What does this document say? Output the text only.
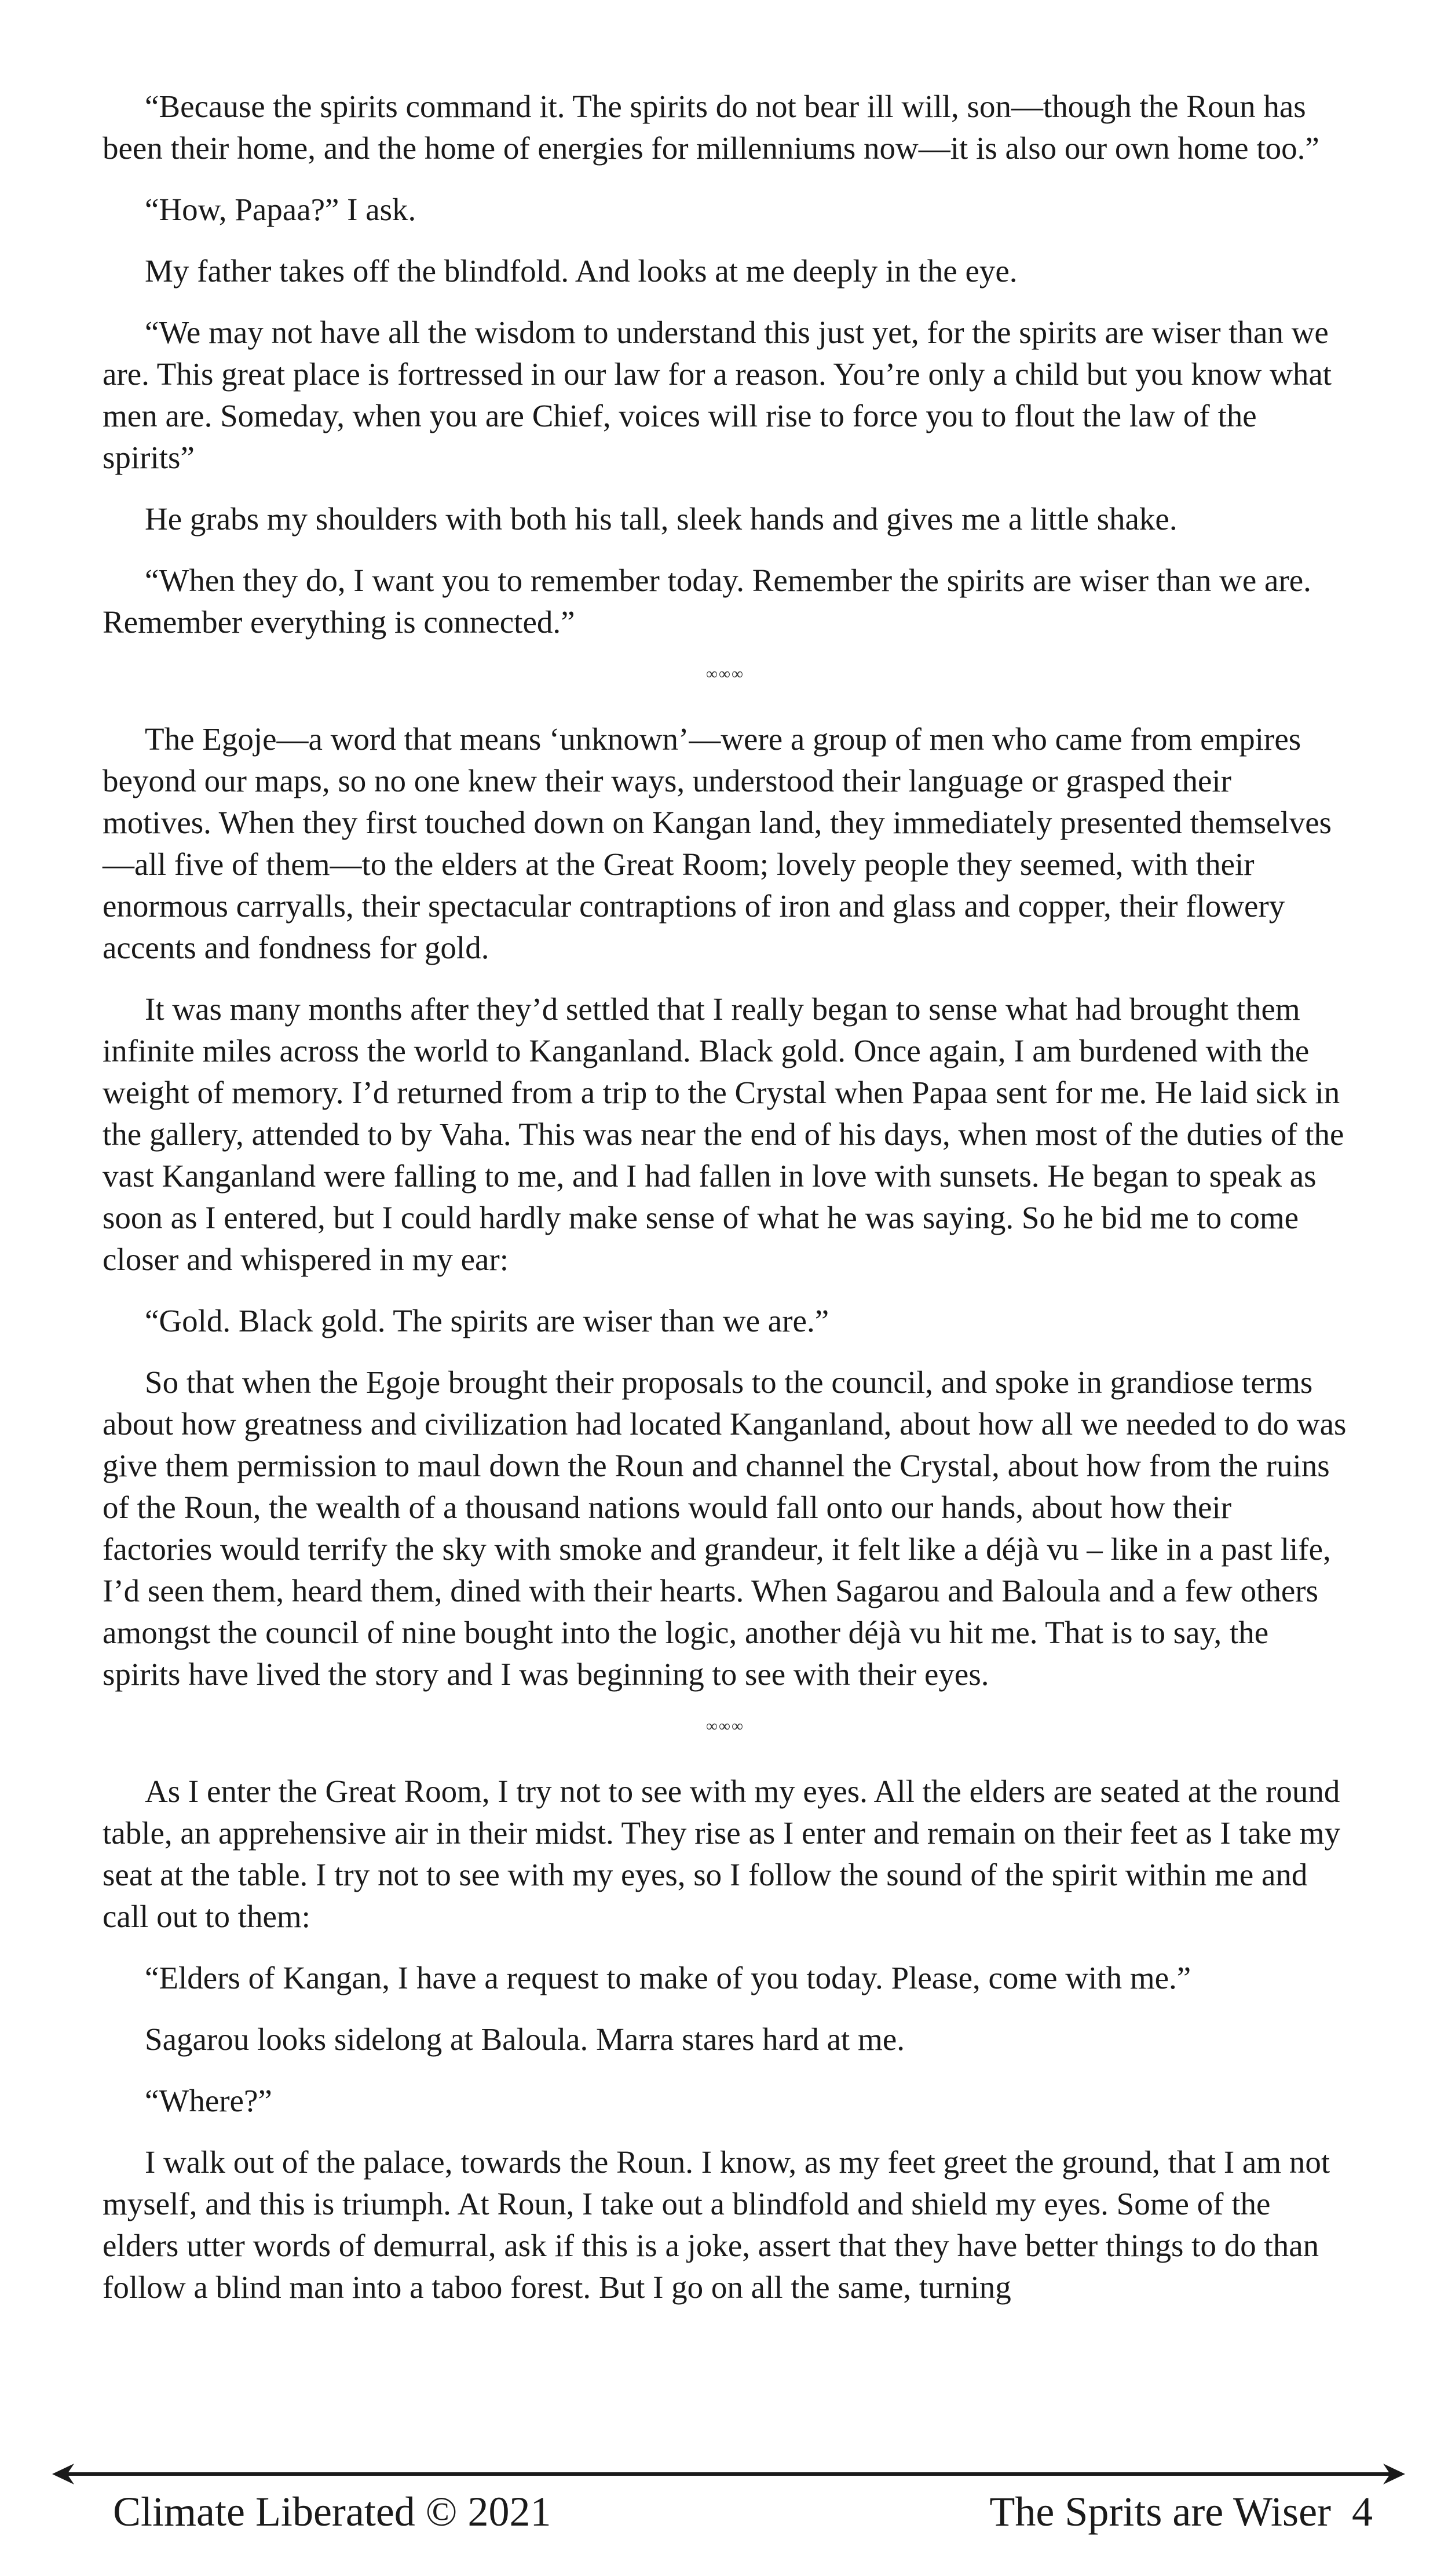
“Because the spirits command it. The spirits do not bear ill will, son—though the Roun has been their home, and the home of energies for millenniums now—it is also our own home too.”

“How, Papaa?” I ask.

My father takes off the blindfold. And looks at me deeply in the eye.

“We may not have all the wisdom to understand this just yet, for the spirits are wiser than we are. This great place is fortressed in our law for a reason. You’re only a child but you know what men are. Someday, when you are Chief, voices will rise to force you to flout the law of the spirits”

He grabs my shoulders with both his tall, sleek hands and gives me a little shake.

“When they do, I want you to remember today. Remember the spirits are wiser than we are. Remember everything is connected.”

∞∞∞

The Egoje—a word that means ‘unknown’—were a group of men who came from empires beyond our maps, so no one knew their ways, understood their language or grasped their motives. When they first touched down on Kangan land, they immediately presented themselves—all five of them—to the elders at the Great Room; lovely people they seemed, with their enormous carryalls, their spectacular contraptions of iron and glass and copper, their flowery accents and fondness for gold.

It was many months after they’d settled that I really began to sense what had brought them infinite miles across the world to Kanganland. Black gold. Once again, I am burdened with the weight of memory. I’d returned from a trip to the Crystal when Papaa sent for me. He laid sick in the gallery, attended to by Vaha. This was near the end of his days, when most of the duties of the vast Kanganland were falling to me, and I had fallen in love with sunsets. He began to speak as soon as I entered, but I could hardly make sense of what he was saying. So he bid me to come closer and whispered in my ear:

“Gold. Black gold. The spirits are wiser than we are.”

So that when the Egoje brought their proposals to the council, and spoke in grandiose terms about how greatness and civilization had located Kanganland, about how all we needed to do was give them permission to maul down the Roun and channel the Crystal, about how from the ruins of the Roun, the wealth of a thousand nations would fall onto our hands, about how their factories would terrify the sky with smoke and grandeur, it felt like a déjà vu – like in a past life, I’d seen them, heard them, dined with their hearts. When Sagarou and Baloula and a few others amongst the council of nine bought into the logic, another déjà vu hit me. That is to say, the spirits have lived the story and I was beginning to see with their eyes.

∞∞∞

As I enter the Great Room, I try not to see with my eyes. All the elders are seated at the round table, an apprehensive air in their midst. They rise as I enter and remain on their feet as I take my seat at the table. I try not to see with my eyes, so I follow the sound of the spirit within me and call out to them:

“Elders of Kangan, I have a request to make of you today. Please, come with me.”

Sagarou looks sidelong at Baloula. Marra stares hard at me.

“Where?”

I walk out of the palace, towards the Roun. I know, as my feet greet the ground, that I am not myself, and this is triumph. At Roun, I take out a blindfold and shield my eyes. Some of the elders utter words of demurral, ask if this is a joke, assert that they have better things to do than follow a blind man into a taboo forest. But I go on all the same, turning

Climate Liberated © 2021	The Sprits are Wiser 4
